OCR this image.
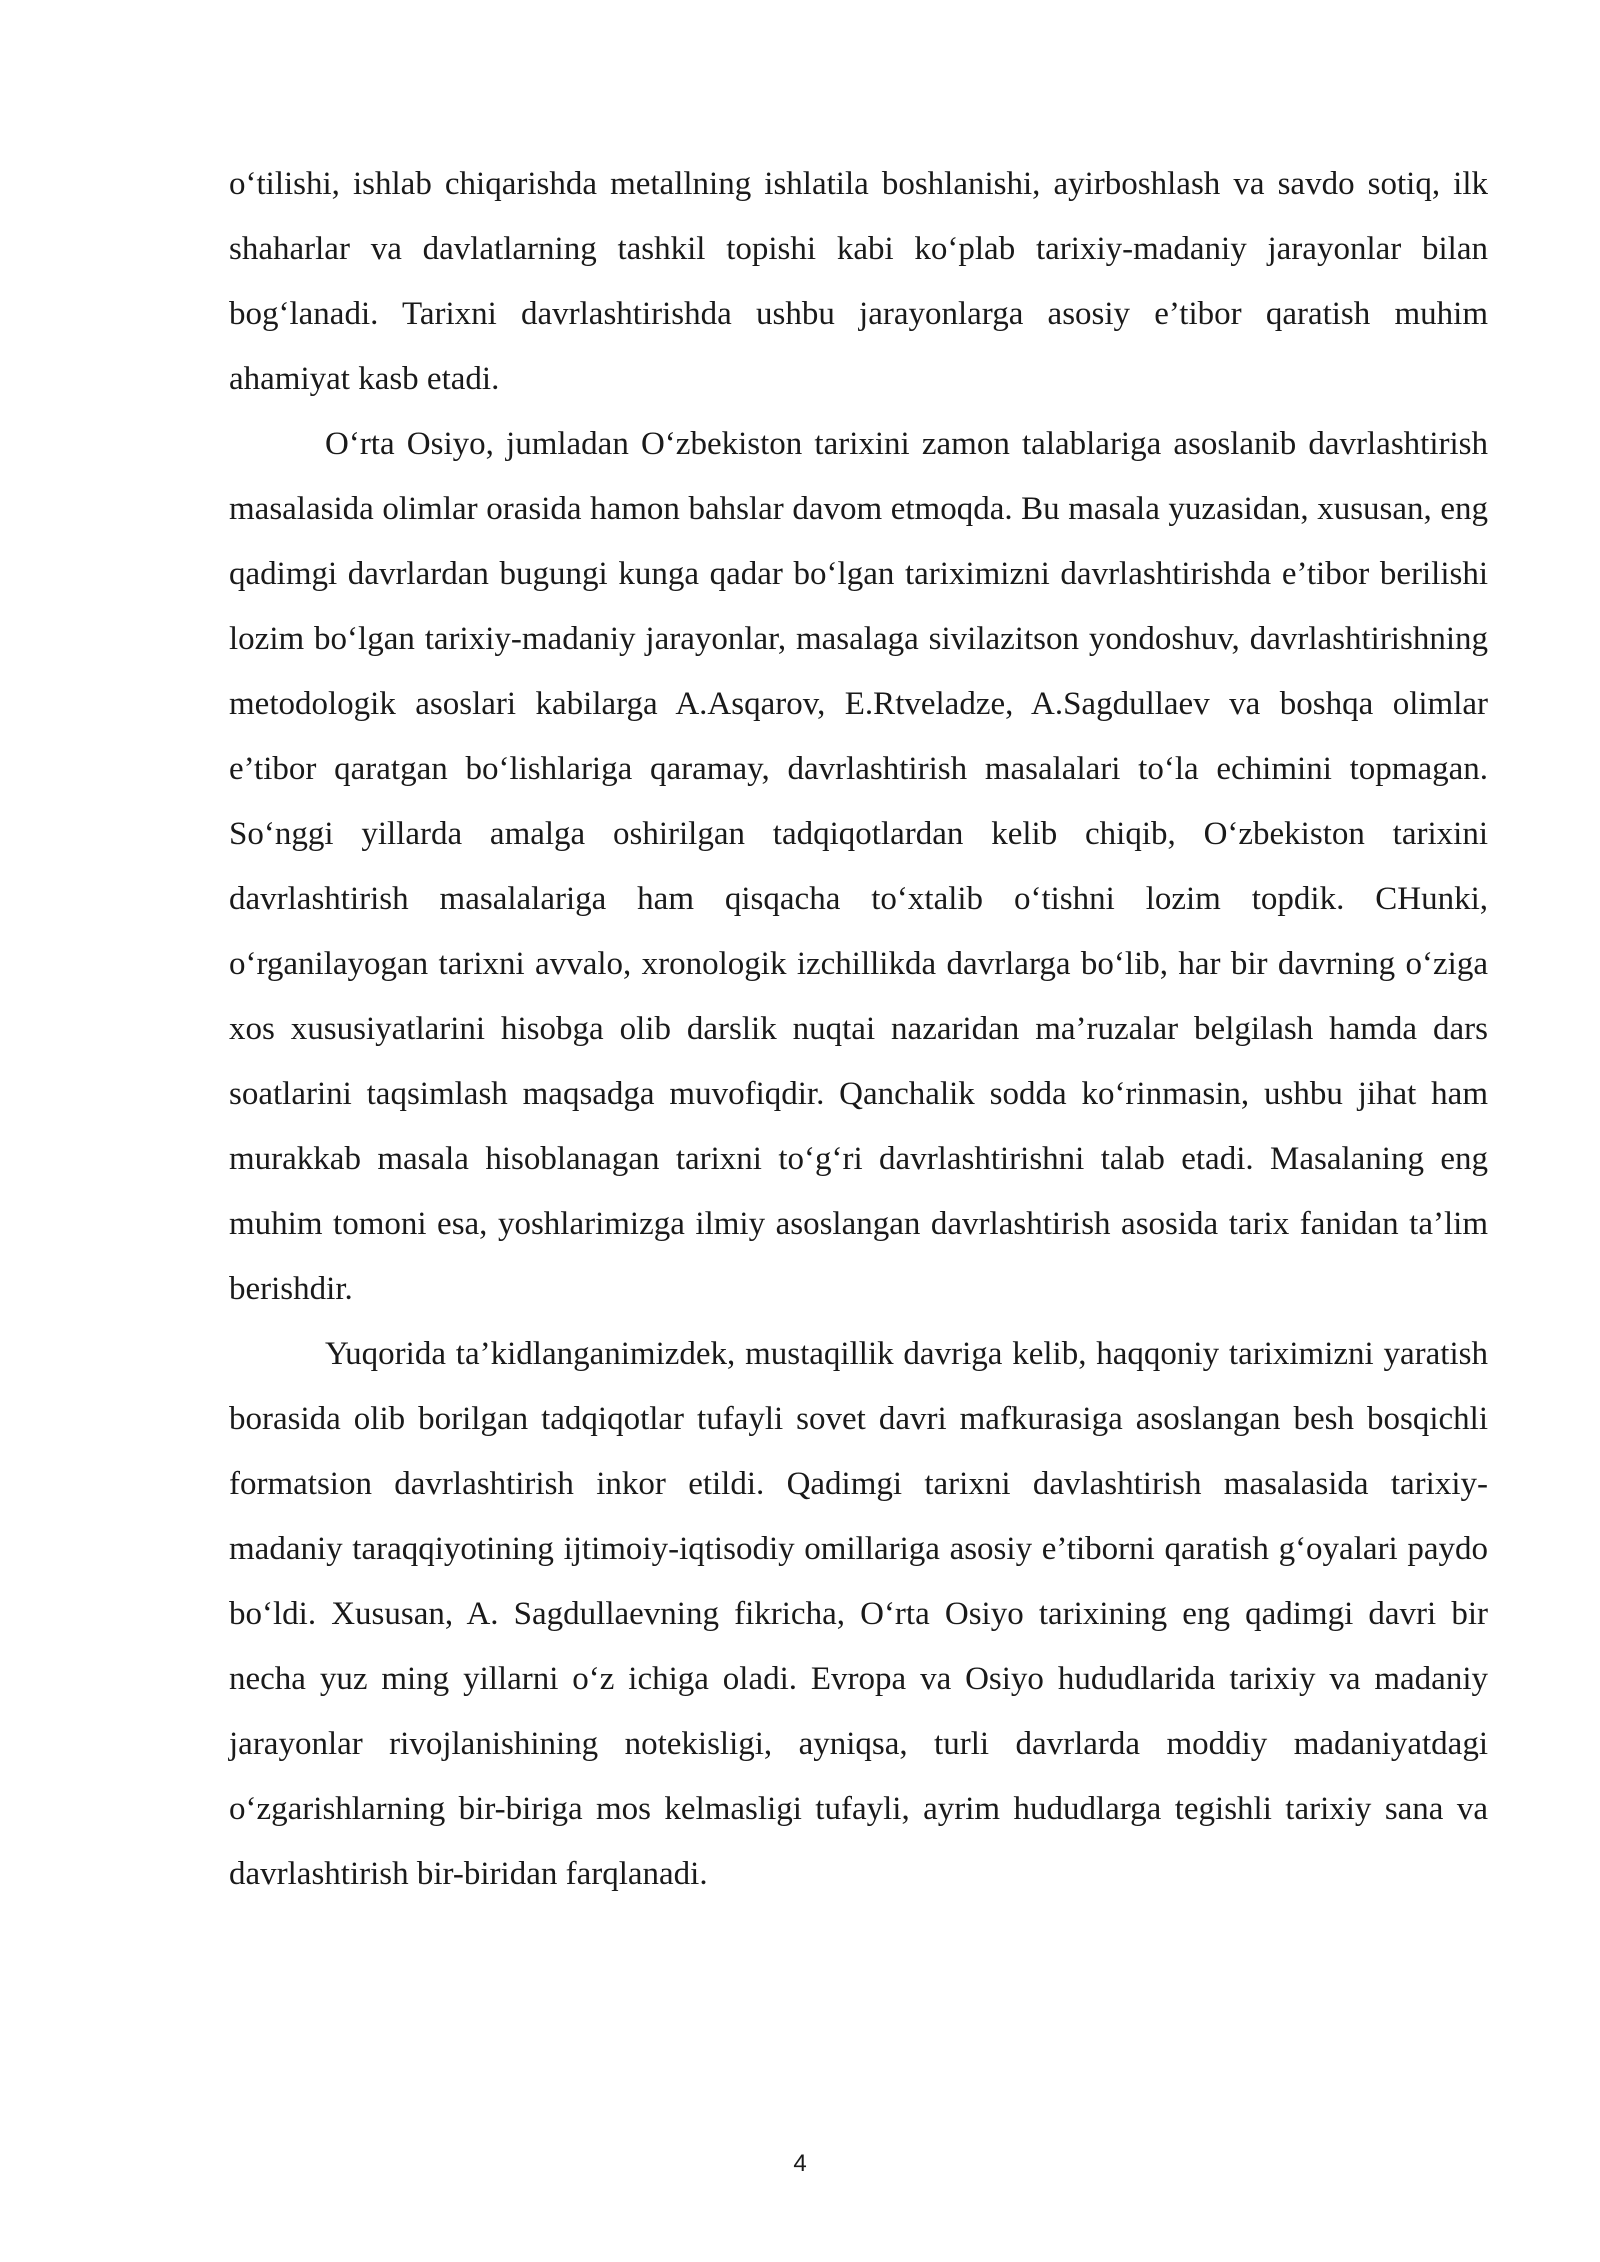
o‘tilishi, ishlab chiqarishda metallning ishlatila boshlanishi, ayirboshlash va savdo sotiq, ilk shaharlar va davlatlarning tashkil topishi kabi ko‘plab tarixiy-madaniy jarayonlar bilan bog‘lanadi. Tarixni davrlashtirishda ushbu jarayonlarga asosiy e’tibor qaratish muhim ahamiyat kasb etadi.

O‘rta Osiyo, jumladan O‘zbekiston tarixini zamon talablariga asoslanib davrlashtirish masalasida olimlar orasida hamon bahslar davom etmoqda. Bu masala yuzasidan, xususan, eng qadimgi davrlardan bugungi kunga qadar bo‘lgan tariximizni davrlashtirishda e’tibor berilishi lozim bo‘lgan tarixiy-madaniy jarayonlar, masalaga sivilazitson yondoshuv, davrlashtirishning metodologik asoslari kabilarga A.Asqarov, E.Rtveladze, A.Sagdullaev va boshqa olimlar e’tibor qaratgan bo‘lishlariga qaramay, davrlashtirish masalalari to‘la echimini topmagan. So‘nggi yillarda amalga oshirilgan tadqiqotlardan kelib chiqib, O‘zbekiston tarixini davrlashtirish masalalariga ham qisqacha to‘xtalib o‘tishni lozim topdik. CHunki, o‘rganilayogan tarixni avvalo, xronologik izchillikda davrlarga bo‘lib, har bir davrning o‘ziga xos xususiyatlarini hisobga olib darslik nuqtai nazaridan ma’ruzalar belgilash hamda dars soatlarini taqsimlash maqsadga muvofiqdir. Qanchalik sodda ko‘rinmasin, ushbu jihat ham murakkab masala hisoblanagan tarixni to‘g‘ri davrlashtirishni talab etadi. Masalaning eng muhim tomoni esa, yoshlarimizga ilmiy asoslangan davrlashtirish asosida tarix fanidan ta’lim berishdir.

Yuqorida ta’kidlanganimizdek, mustaqillik davriga kelib, haqqoniy tariximizni yaratish borasida olib borilgan tadqiqotlar tufayli sovet davri mafkurasiga asoslangan besh bosqichli formatsion davrlashtirish inkor etildi. Qadimgi tarixni davlashtirish masalasida tarixiy-madaniy taraqqiyotining ijtimoiy-iqtisodiy omillariga asosiy e’tiborni qaratish g‘oyalari paydo bo‘ldi. Xususan, A. Sagdullaevning fikricha, O‘rta Osiyo tarixining eng qadimgi davri bir necha yuz ming yillarni o‘z ichiga oladi. Evropa va Osiyo hududlarida tarixiy va madaniy jarayonlar rivojlanishining notekisligi, ayniqsa, turli davrlarda moddiy madaniyatdagi o‘zgarishlarning bir-biriga mos kelmasligi tufayli, ayrim hududlarga tegishli tarixiy sana va davrlashtirish bir-biridan farqlanadi.

4
